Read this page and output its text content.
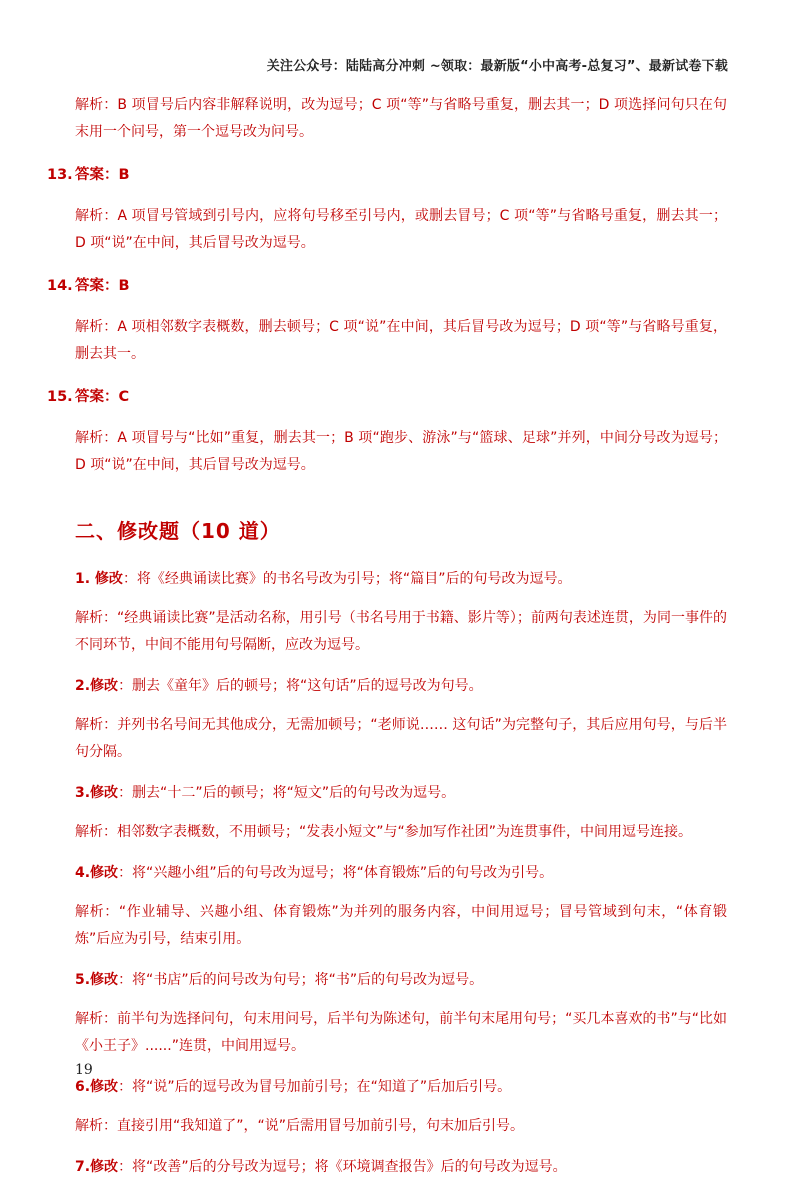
关注公众号：陆陆高分冲刺 ~领取：最新版“小中高考-总复习”、最新试卷下载

解析：B 项冒号后内容非解释说明，改为逗号；C 项“等”与省略号重复，删去其一；D 项选择问句只在句末用一个问号，第一个逗号改为问号。

13. 答案：B

解析：A 项冒号管域到引号内，应将句号移至引号内，或删去冒号；C 项“等”与省略号重复，删去其一；D 项“说”在中间，其后冒号改为逗号。

14. 答案：B

解析：A 项相邻数字表概数，删去顿号；C 项“说”在中间，其后冒号改为逗号；D 项“等”与省略号重复，删去其一。

15. 答案：C

解析：A 项冒号与“比如”重复，删去其一；B 项“跑步、游泳”与“篮球、足球”并列，中间分号改为逗号；D 项“说”在中间，其后冒号改为逗号。

二、修改题（10 道）

1. 修改：将《经典诵读比赛》的书名号改为引号；将“篇目”后的句号改为逗号。

解析：“经典诵读比赛”是活动名称，用引号（书名号用于书籍、影片等）；前两句表述连贯，为同一事件的不同环节，中间不能用句号隔断，应改为逗号。

2.修改：删去《童年》后的顿号；将“这句话”后的逗号改为句号。

解析：并列书名号间无其他成分，无需加顿号；“老师说…… 这句话”为完整句子，其后应用句号，与后半句分隔。

3.修改：删去“十二”后的顿号；将“短文”后的句号改为逗号。

解析：相邻数字表概数，不用顿号；“发表小短文”与“参加写作社团”为连贯事件，中间用逗号连接。

4.修改：将“兴趣小组”后的句号改为逗号；将“体育锻炼”后的句号改为引号。

解析：“作业辅导、兴趣小组、体育锻炼”为并列的服务内容，中间用逗号；冒号管域到句末，“体育锻炼”后应为引号，结束引用。

5.修改：将“书店”后的问号改为句号；将“书”后的句号改为逗号。

解析：前半句为选择问句，句末用问号，后半句为陈述句，前半句末尾用句号；“买几本喜欢的书”与“比如《小王子》......”连贯，中间用逗号。

6.修改：将“说”后的逗号改为冒号加前引号；在“知道了”后加后引号。

解析：直接引用“我知道了”，“说”后需用冒号加前引号，句末加后引号。

7.修改：将“改善”后的分号改为逗号；将《环境调查报告》后的句号改为逗号。

19
